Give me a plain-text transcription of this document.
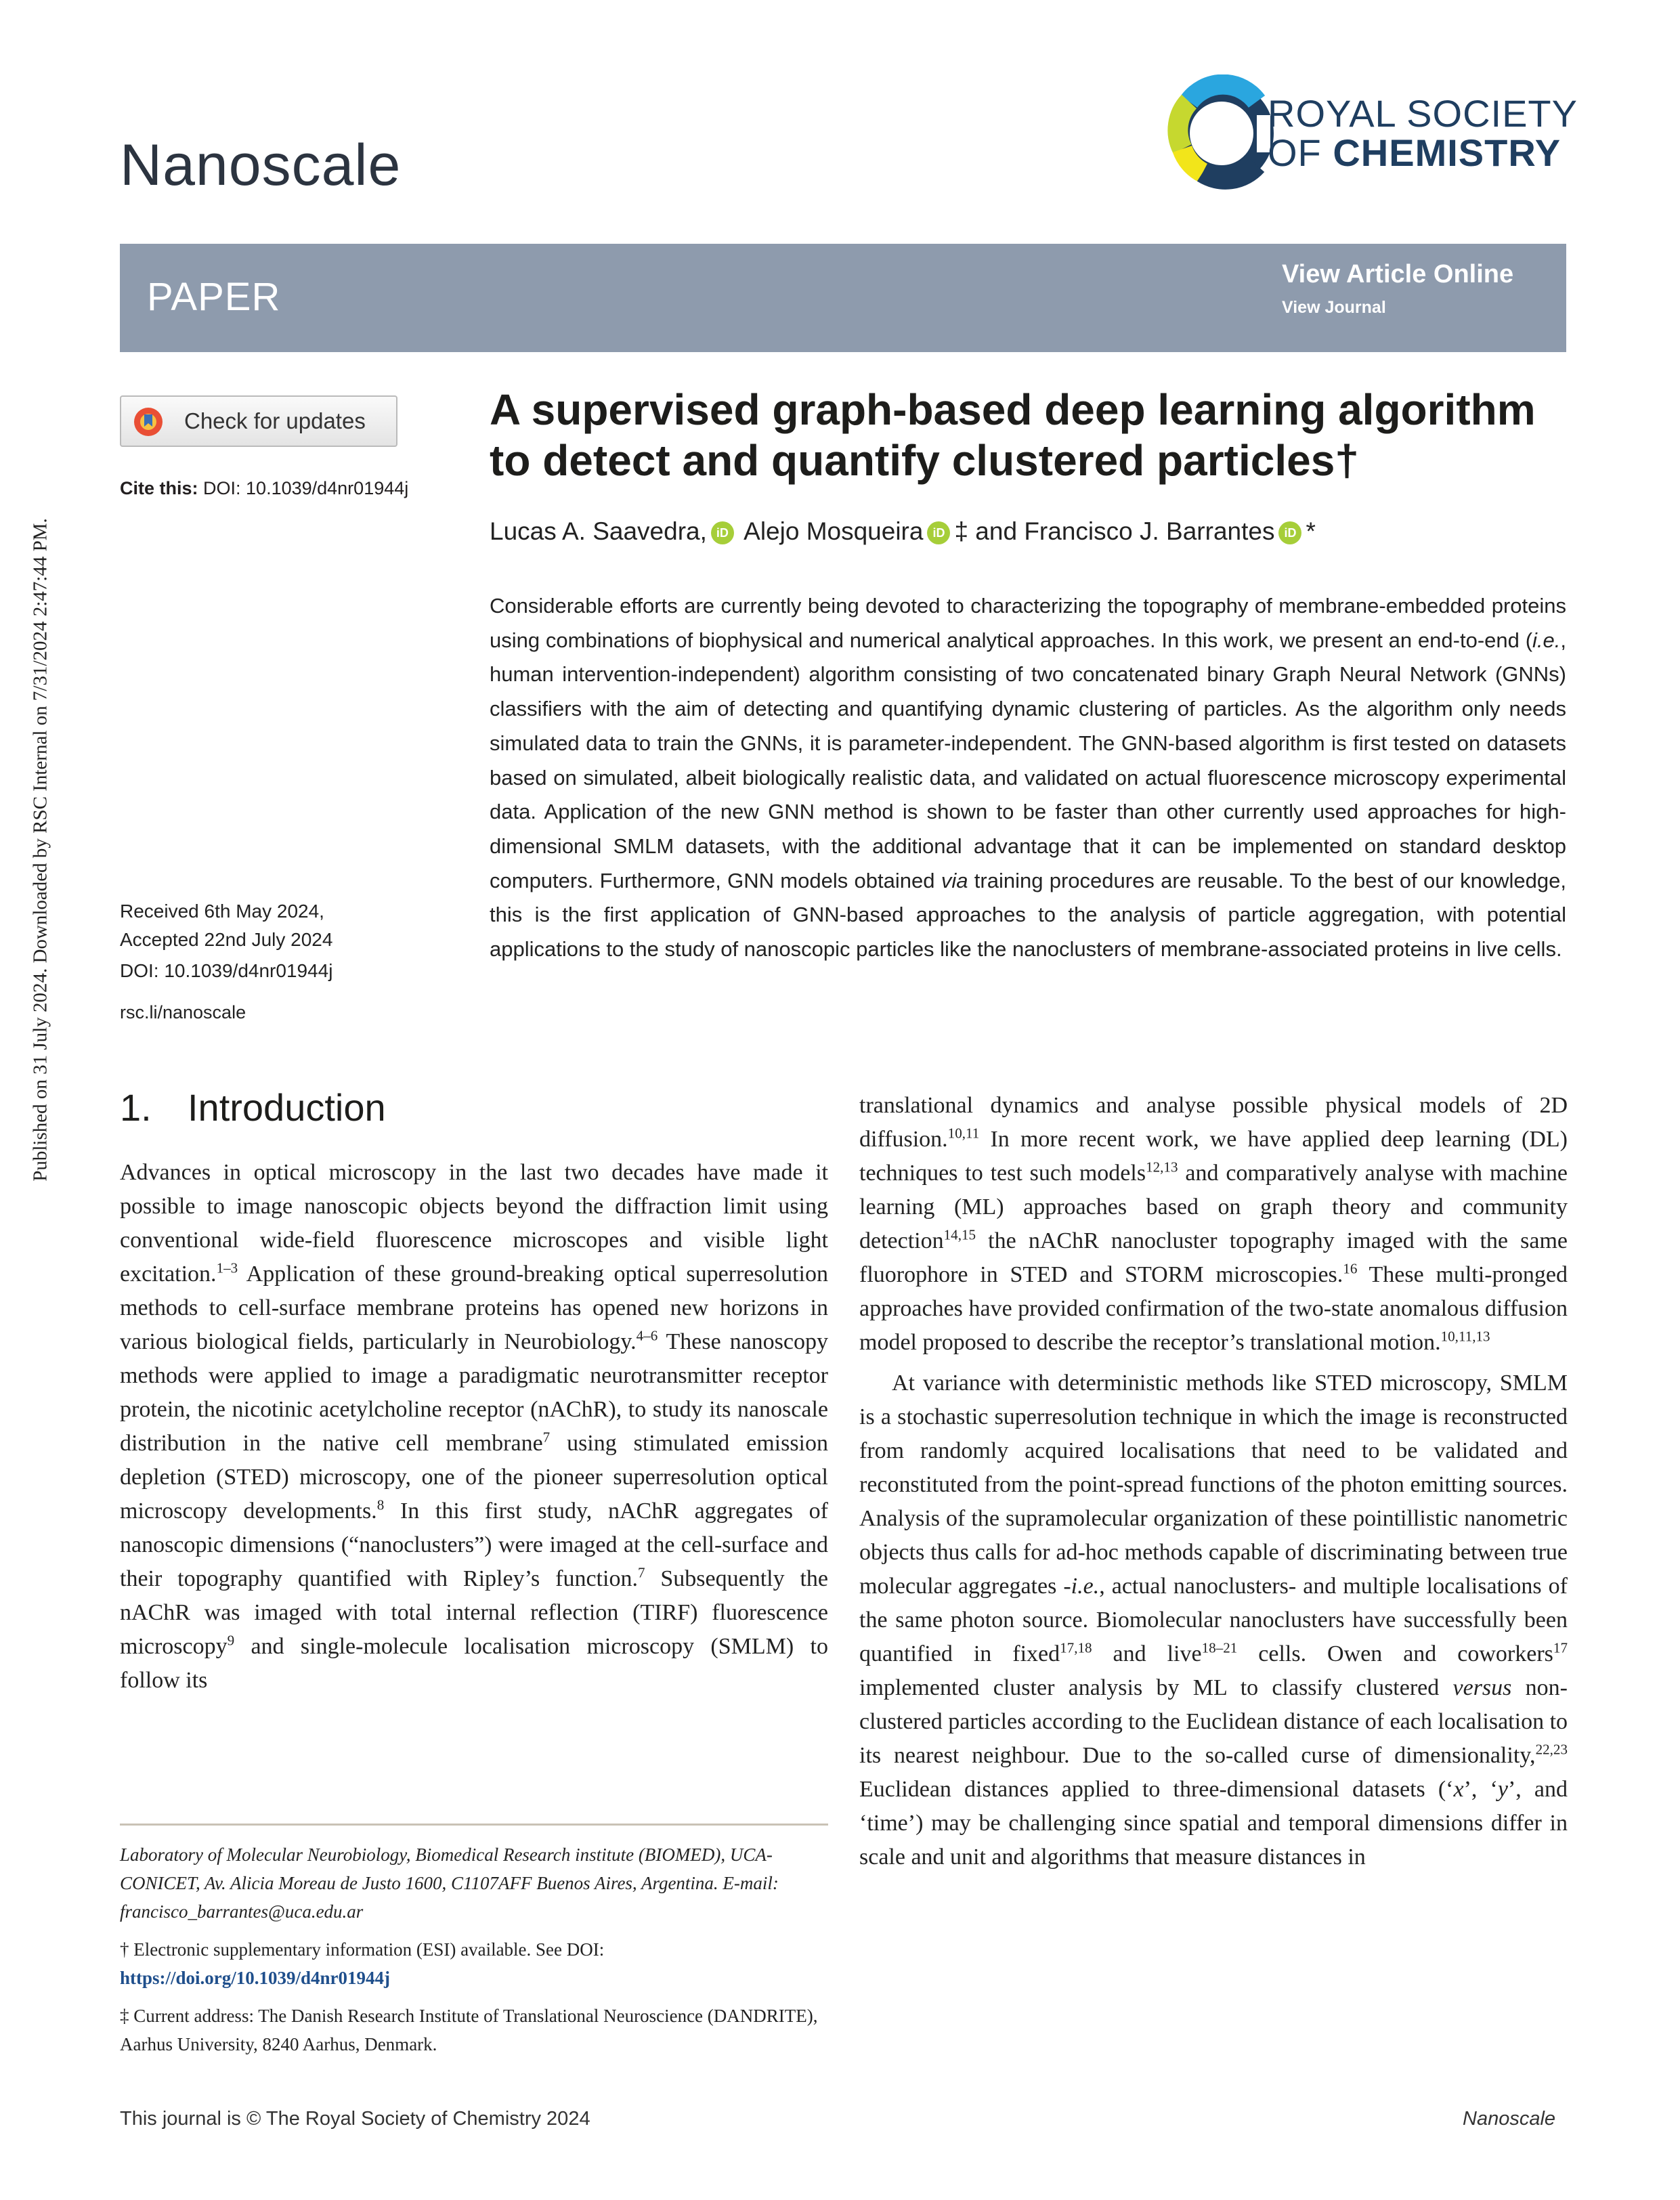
Published on 31 July 2024. Downloaded by RSC Internal on 7/31/2024 2:47:44 PM.
Nanoscale
ROYAL SOCIETY
OF CHEMISTRY
PAPER
View Article Online
View Journal
Check for updates
Cite this: DOI: 10.1039/d4nr01944j
A supervised graph-based deep learning algorithm to detect and quantify clustered particles†
Lucas A. Saavedra, iD Alejo Mosqueira iD ‡ and Francisco J. Barrantes iD *
Considerable efforts are currently being devoted to characterizing the topography of membrane-embedded proteins using combinations of biophysical and numerical analytical approaches. In this work, we present an end-to-end (i.e., human intervention-independent) algorithm consisting of two concatenated binary Graph Neural Network (GNNs) classifiers with the aim of detecting and quantifying dynamic clustering of particles. As the algorithm only needs simulated data to train the GNNs, it is parameter-independent. The GNN-based algorithm is first tested on datasets based on simulated, albeit biologically realistic data, and validated on actual fluorescence microscopy experimental data. Application of the new GNN method is shown to be faster than other currently used approaches for high-dimensional SMLM datasets, with the additional advantage that it can be implemented on standard desktop computers. Furthermore, GNN models obtained via training procedures are reusable. To the best of our knowledge, this is the first application of GNN-based approaches to the analysis of particle aggregation, with potential applications to the study of nanoscopic particles like the nanoclusters of membrane-associated proteins in live cells.
Received 6th May 2024,
Accepted 22nd July 2024
DOI: 10.1039/d4nr01944j
rsc.li/nanoscale
1. Introduction

Advances in optical microscopy in the last two decades have made it possible to image nanoscopic objects beyond the diffraction limit using conventional wide-field fluorescence microscopes and visible light excitation.$^{1-3}$ Application of these ground-breaking optical superresolution methods to cell-surface membrane proteins has opened new horizons in various biological fields, particularly in Neurobiology.$^{4-6}$ These nanoscopy methods were applied to image a paradigmatic neurotransmitter receptor protein, the nicotinic acetylcholine receptor (nAChR), to study its nanoscale distribution in the native cell membrane$^7$ using stimulated emission depletion (STED) microscopy, one of the pioneer superresolution optical microscopy developments.$^8$ In this first study, nAChR aggregates of nanoscopic dimensions (“nanoclusters”) were imaged at the cell-surface and their topography quantified with Ripley’s function.$^7$ Subsequently the nAChR was imaged with total internal reflection (TIRF) fluorescence microscopy$^9$ and single-molecule localisation microscopy (SMLM) to follow its

translational dynamics and analyse possible physical models of 2D diffusion.$^{10,11}$ In more recent work, we have applied deep learning (DL) techniques to test such models$^{12,13}$ and comparatively analyse with machine learning (ML) approaches based on graph theory and community detection$^{14,15}$ the nAChR nanocluster topography imaged with the same fluorophore in STED and STORM microscopies.$^{16}$ These multi-pronged approaches have provided confirmation of the two-state anomalous diffusion model proposed to describe the receptor’s translational motion.$^{10,11,13}$

At variance with deterministic methods like STED microscopy, SMLM is a stochastic superresolution technique in which the image is reconstructed from randomly acquired localisations that need to be validated and reconstituted from the point-spread functions of the photon emitting sources. Analysis of the supramolecular organization of these pointillistic nanometric objects thus calls for ad-hoc methods capable of discriminating between true molecular aggregates -i.e., actual nanoclusters- and multiple localisations of the same photon source. Biomolecular nanoclusters have successfully been quantified in fixed$^{17,18}$ and live$^{18-21}$ cells. Owen and coworkers$^{17}$ implemented cluster analysis by ML to classify clustered versus non-clustered particles according to the Euclidean distance of each localisation to its nearest neighbour. Due to the so-called curse of dimensionality,$^{22,23}$ Euclidean distances applied to three-dimensional datasets (‘x’, ‘y’, and ‘time’) may be challenging since spatial and temporal dimensions differ in scale and unit and algorithms that measure distances in

Laboratory of Molecular Neurobiology, Biomedical Research institute (BIOMED), UCA-CONICET, Av. Alicia Moreau de Justo 1600, C1107AFF Buenos Aires, Argentina. E-mail: francisco_barrantes@uca.edu.ar
† Electronic supplementary information (ESI) available. See DOI: https://doi.org/10.1039/d4nr01944j
‡ Current address: The Danish Research Institute of Translational Neuroscience (DANDRITE), Aarhus University, 8240 Aarhus, Denmark.
This journal is © The Royal Society of Chemistry 2024	Nanoscale
